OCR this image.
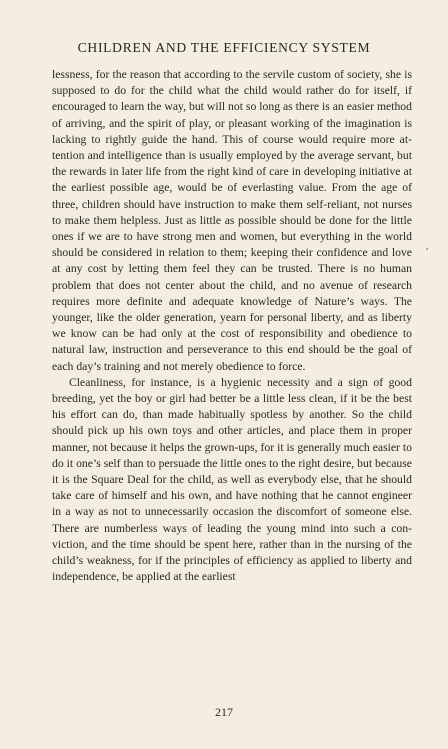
CHILDREN AND THE EFFICIENCY SYSTEM

lessness, for the reason that according to the servile custom of society, she is supposed to do for the child what the child would rather do for itself, if encouraged to learn the way, but will not so long as there is an easier method of arriving, and the spirit of play, or pleasant working of the imagination is lacking to rightly guide the hand. This of course would require more attention and intelligence than is usually employed by the average servant, but the rewards in later life from the right kind of care in developing initiative at the earliest possible age, would be of everlasting value. From the age of three, children should have instruction to make them self-reliant, not nurses to make them helpless. Just as little as possible should be done for the little ones if we are to have strong men and women, but everything in the world should be considered in relation to them; keeping their confidence and love at any cost by letting them feel they can be trusted. There is no human problem that does not center about the child, and no avenue of research requires more definite and adequate knowledge of Nature’s ways. The younger, like the older generation, yearn for personal liberty, and as liberty we know can be had only at the cost of responsibility and obedience to natural law, instruction and perseverance to this end should be the goal of each day’s training and not merely obedience to force.

Cleanliness, for instance, is a hygienic necessity and a sign of good breeding, yet the boy or girl had better be a little less clean, if it be the best his effort can do, than made habitually spotless by another. So the child should pick up his own toys and other articles, and place them in proper manner, not because it helps the grown-ups, for it is generally much easier to do it one’s self than to persuade the little ones to the right desire, but because it is the Square Deal for the child, as well as everybody else, that he should take care of himself and his own, and have nothing that he cannot engineer in a way as not to unnecessarily occasion the discomfort of someone else. There are numberless ways of leading the young mind into such a conviction, and the time should be spent here, rather than in the nursing of the child’s weakness, for if the principles of efficiency as applied to liberty and independence, be applied at the earliest

217
